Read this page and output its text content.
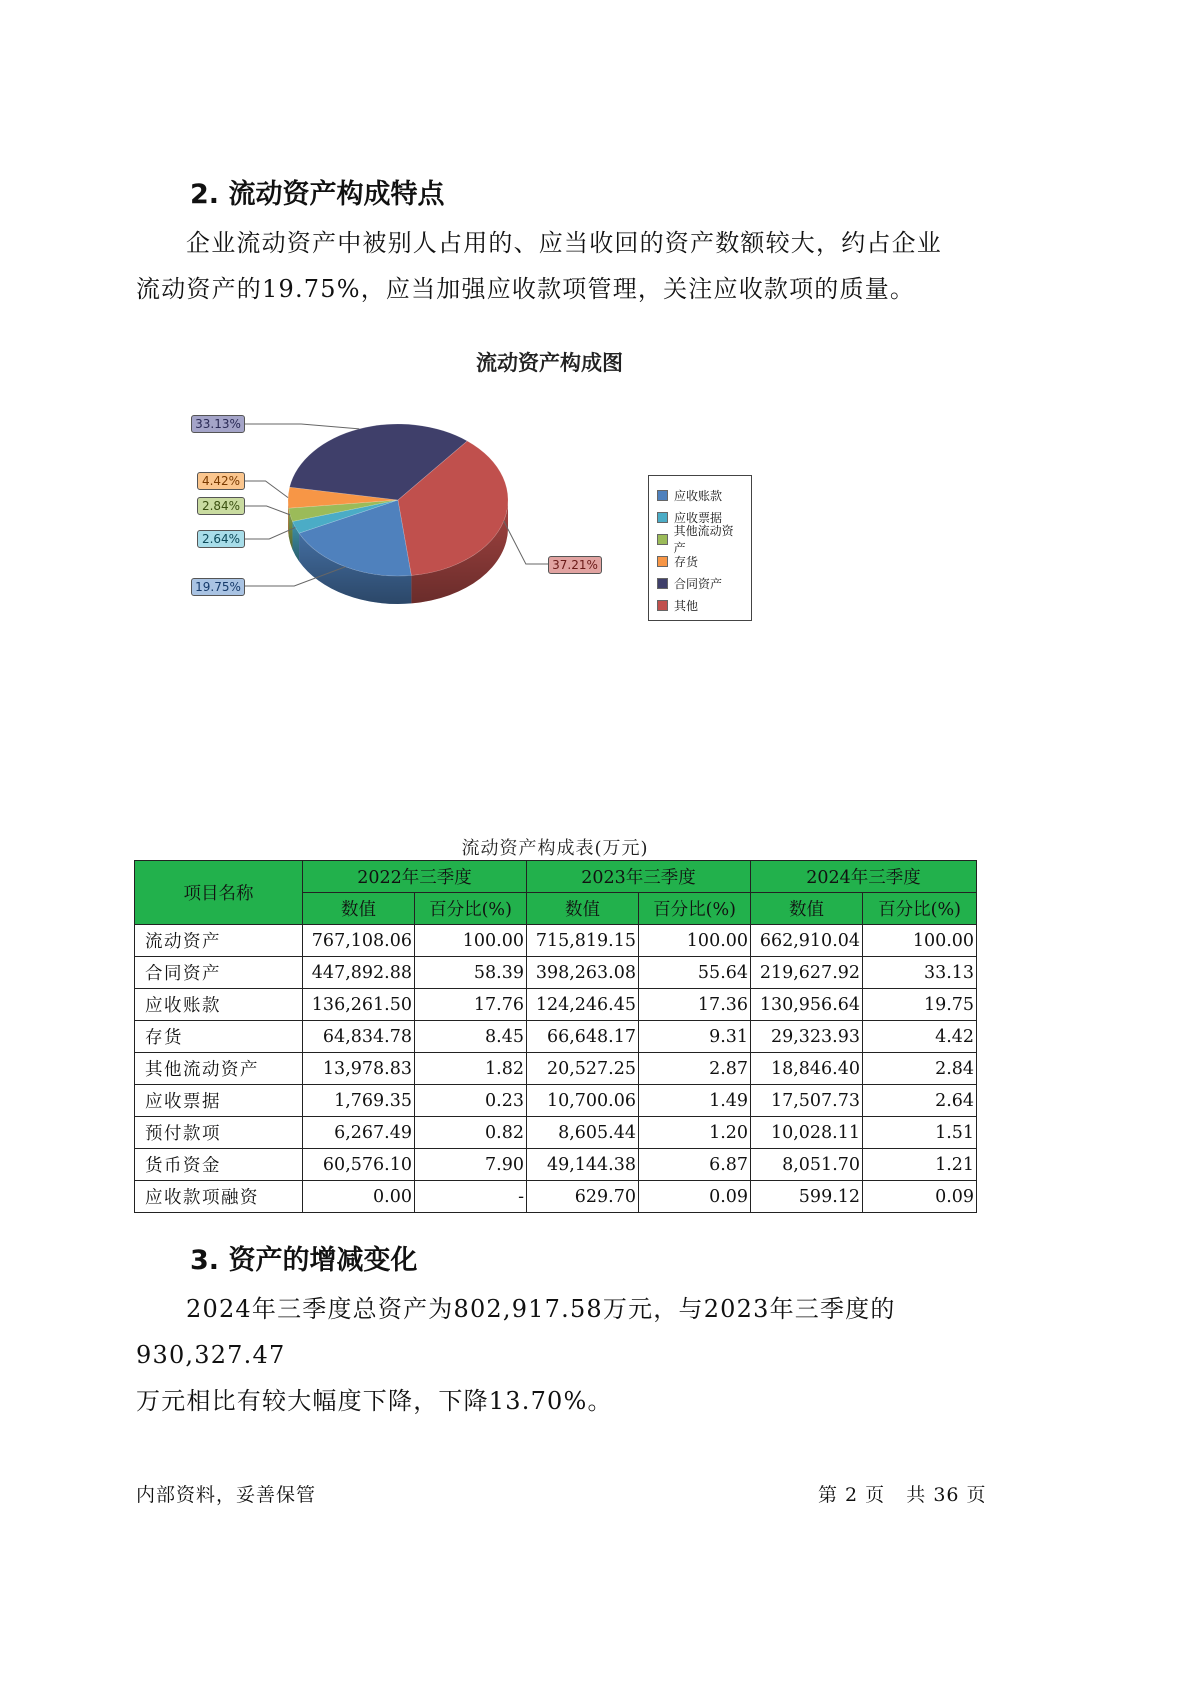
2. 流动资产构成特点

企业流动资产中被别人占用的、应当收回的资产数额较大，约占企业

流动资产的19.75%，应当加强应收款项管理，关注应收款项的质量。

流动资产构成图
33.13%
4.42%
2.84%
2.64%
19.75%
37.21%
应收账款
应收票据
其他流动资产
存货
合同资产
其他
流动资产构成表(万元)
项目名称	2022年三季度		2023年三季度		2024年三季度	
	数值	百分比(%)	数值	百分比(%)	数值	百分比(%)
流动资产	767,108.06	100.00	715,819.15	100.00	662,910.04	100.00
合同资产	447,892.88	58.39	398,263.08	55.64	219,627.92	33.13
应收账款	136,261.50	17.76	124,246.45	17.36	130,956.64	19.75
存货	64,834.78	8.45	66,648.17	9.31	29,323.93	4.42
其他流动资产	13,978.83	1.82	20,527.25	2.87	18,846.40	2.84
应收票据	1,769.35	0.23	10,700.06	1.49	17,507.73	2.64
预付款项	6,267.49	0.82	8,605.44	1.20	10,028.11	1.51
货币资金	60,576.10	7.90	49,144.38	6.87	8,051.70	1.21
应收款项融资	0.00	-	629.70	0.09	599.12	0.09
3. 资产的增减变化

2024年三季度总资产为802,917.58万元，与2023年三季度的930,327.47

万元相比有较大幅度下降，下降13.70%。

内部资料，妥善保管	第 2 页   共 36 页
